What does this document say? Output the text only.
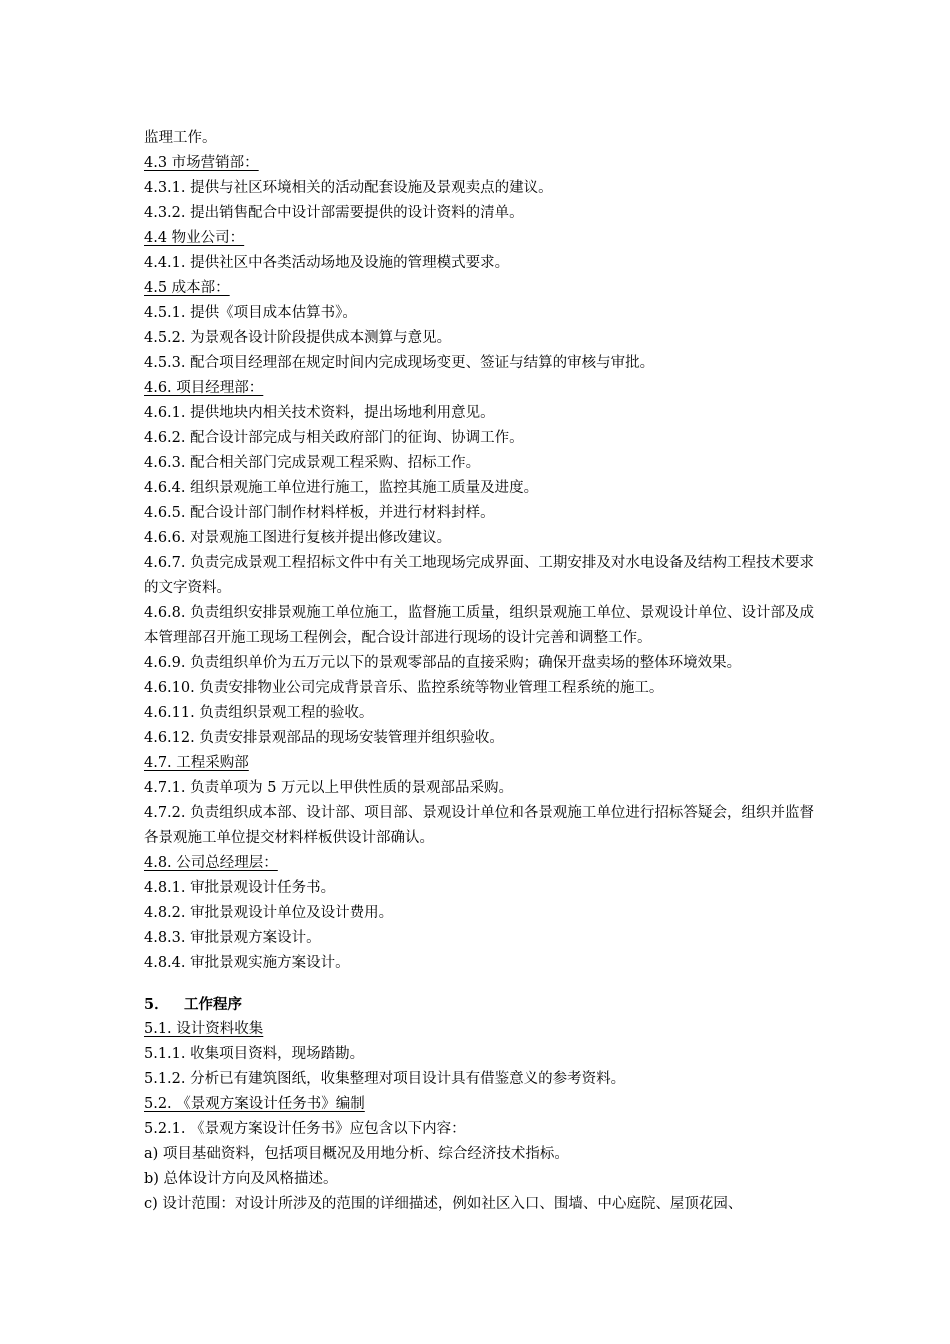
监理工作。
4.3 市场营销部：
4.3.1. 提供与社区环境相关的活动配套设施及景观卖点的建议。
4.3.2. 提出销售配合中设计部需要提供的设计资料的清单。
4.4 物业公司：
4.4.1. 提供社区中各类活动场地及设施的管理模式要求。
4.5 成本部：
4.5.1. 提供《项目成本估算书》。
4.5.2. 为景观各设计阶段提供成本测算与意见。
4.5.3. 配合项目经理部在规定时间内完成现场变更、签证与结算的审核与审批。
4.6. 项目经理部：
4.6.1. 提供地块内相关技术资料，提出场地利用意见。
4.6.2. 配合设计部完成与相关政府部门的征询、协调工作。
4.6.3. 配合相关部门完成景观工程采购、招标工作。
4.6.4. 组织景观施工单位进行施工，监控其施工质量及进度。
4.6.5. 配合设计部门制作材料样板，并进行材料封样。
4.6.6. 对景观施工图进行复核并提出修改建议。
4.6.7. 负责完成景观工程招标文件中有关工地现场完成界面、工期安排及对水电设备及结构工程技术要求的文字资料。
4.6.8. 负责组织安排景观施工单位施工，监督施工质量，组织景观施工单位、景观设计单位、设计部及成本管理部召开施工现场工程例会，配合设计部进行现场的设计完善和调整工作。
4.6.9. 负责组织单价为五万元以下的景观零部品的直接采购；确保开盘卖场的整体环境效果。
4.6.10. 负责安排物业公司完成背景音乐、监控系统等物业管理工程系统的施工。
4.6.11. 负责组织景观工程的验收。
4.6.12. 负责安排景观部品的现场安装管理并组织验收。
4.7. 工程采购部
4.7.1. 负责单项为 5 万元以上甲供性质的景观部品采购。
4.7.2. 负责组织成本部、设计部、项目部、景观设计单位和各景观施工单位进行招标答疑会，组织并监督各景观施工单位提交材料样板供设计部确认。
4.8. 公司总经理层：
4.8.1. 审批景观设计任务书。
4.8.2. 审批景观设计单位及设计费用。
4.8.3. 审批景观方案设计。
4.8.4. 审批景观实施方案设计。
5． 工作程序
5.1. 设计资料收集
5.1.1. 收集项目资料，现场踏勘。
5.1.2. 分析已有建筑图纸，收集整理对项目设计具有借鉴意义的参考资料。
5.2. 《景观方案设计任务书》编制
5.2.1. 《景观方案设计任务书》应包含以下内容：
a) 项目基础资料，包括项目概况及用地分析、综合经济技术指标。
b) 总体设计方向及风格描述。
c) 设计范围：对设计所涉及的范围的详细描述，例如社区入口、围墙、中心庭院、屋顶花园、
